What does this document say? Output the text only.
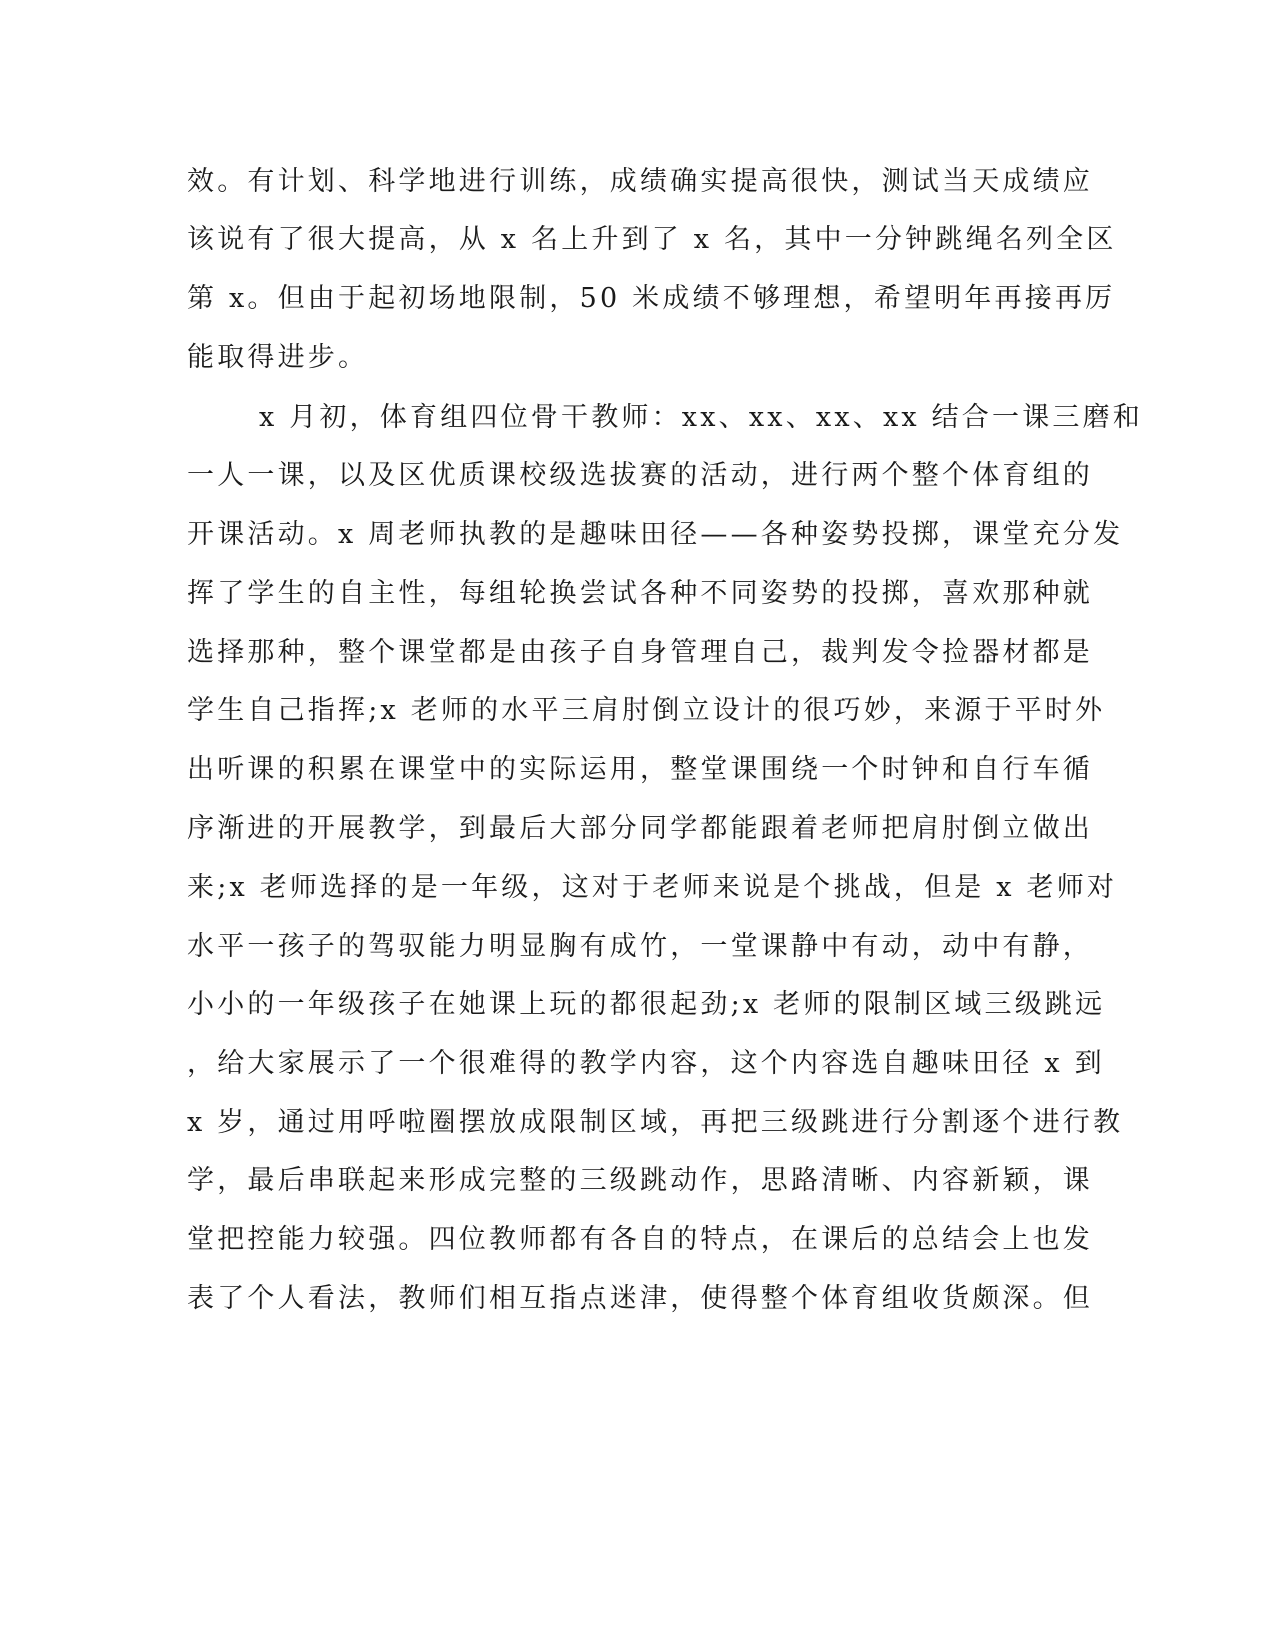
效。有计划、科学地进行训练，成绩确实提高很快，测试当天成绩应
该说有了很大提高，从 x 名上升到了 x 名，其中一分钟跳绳名列全区
第 x。但由于起初场地限制，50 米成绩不够理想，希望明年再接再厉
能取得进步。
x 月初，体育组四位骨干教师：xx、xx、xx、xx 结合一课三磨和
一人一课，以及区优质课校级选拔赛的活动，进行两个整个体育组的
开课活动。x 周老师执教的是趣味田径——各种姿势投掷，课堂充分发
挥了学生的自主性，每组轮换尝试各种不同姿势的投掷，喜欢那种就
选择那种，整个课堂都是由孩子自身管理自己，裁判发令捡器材都是
学生自己指挥;x 老师的水平三肩肘倒立设计的很巧妙，来源于平时外
出听课的积累在课堂中的实际运用，整堂课围绕一个时钟和自行车循
序渐进的开展教学，到最后大部分同学都能跟着老师把肩肘倒立做出
来;x 老师选择的是一年级，这对于老师来说是个挑战，但是 x 老师对
水平一孩子的驾驭能力明显胸有成竹，一堂课静中有动，动中有静，
小小的一年级孩子在她课上玩的都很起劲;x 老师的限制区域三级跳远
，给大家展示了一个很难得的教学内容，这个内容选自趣味田径 x 到
x 岁，通过用呼啦圈摆放成限制区域，再把三级跳进行分割逐个进行教
学，最后串联起来形成完整的三级跳动作，思路清晰、内容新颖，课
堂把控能力较强。四位教师都有各自的特点，在课后的总结会上也发
表了个人看法，教师们相互指点迷津，使得整个体育组收货颇深。但
